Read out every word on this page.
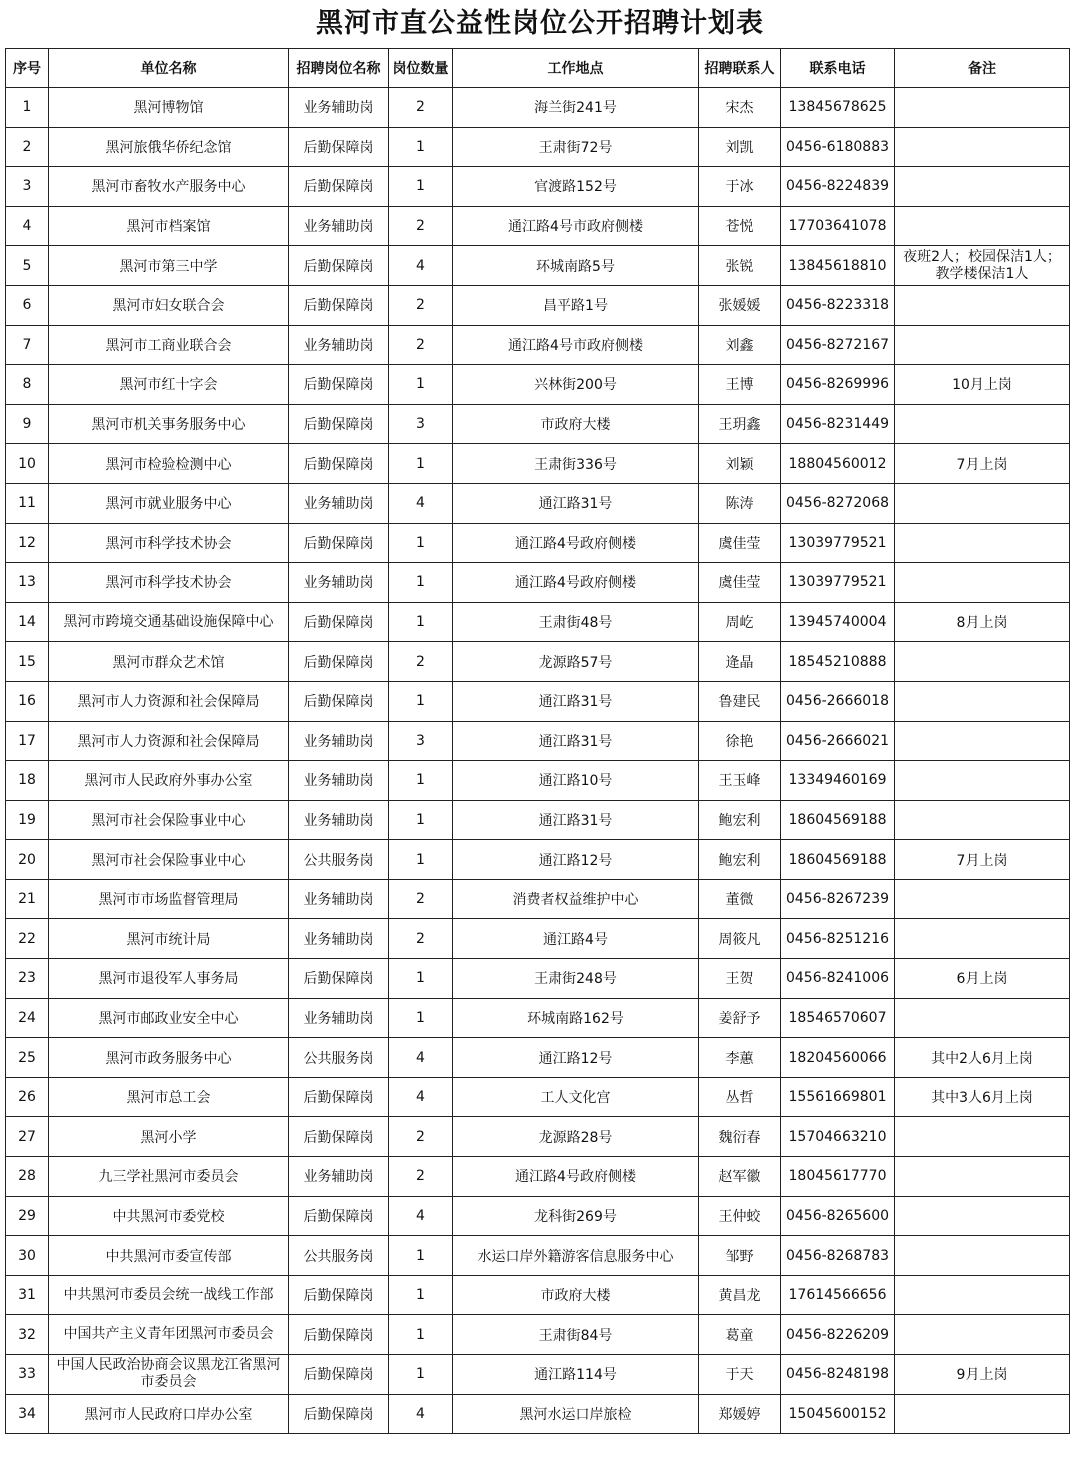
黑河市直公益性岗位公开招聘计划表
序号	单位名称	招聘岗位名称	岗位数量	工作地点	招聘联系人	联系电话	备注
1	黑河博物馆	业务辅助岗	2	海兰街241号	宋杰	13845678625	
2	黑河旅俄华侨纪念馆	后勤保障岗	1	王肃街72号	刘凯	0456-6180883	
3	黑河市畜牧水产服务中心	后勤保障岗	1	官渡路152号	于冰	0456-8224839	
4	黑河市档案馆	业务辅助岗	2	通江路4号市政府侧楼	苍悦	17703641078	
5	黑河市第三中学	后勤保障岗	4	环城南路5号	张锐	13845618810	夜班2人；校园保洁1人；教学楼保洁1人
6	黑河市妇女联合会	后勤保障岗	2	昌平路1号	张媛媛	0456-8223318	
7	黑河市工商业联合会	业务辅助岗	2	通江路4号市政府侧楼	刘鑫	0456-8272167	
8	黑河市红十字会	后勤保障岗	1	兴林街200号	王博	0456-8269996	10月上岗
9	黑河市机关事务服务中心	后勤保障岗	3	市政府大楼	王玥鑫	0456-8231449	
10	黑河市检验检测中心	后勤保障岗	1	王肃街336号	刘颖	18804560012	7月上岗
11	黑河市就业服务中心	业务辅助岗	4	通江路31号	陈涛	0456-8272068	
12	黑河市科学技术协会	后勤保障岗	1	通江路4号政府侧楼	虞佳莹	13039779521	
13	黑河市科学技术协会	业务辅助岗	1	通江路4号政府侧楼	虞佳莹	13039779521	
14	黑河市跨境交通基础设施保障中心	后勤保障岗	1	王肃街48号	周屹	13945740004	8月上岗
15	黑河市群众艺术馆	后勤保障岗	2	龙源路57号	逄晶	18545210888	
16	黑河市人力资源和社会保障局	后勤保障岗	1	通江路31号	鲁建民	0456-2666018	
17	黑河市人力资源和社会保障局	业务辅助岗	3	通江路31号	徐艳	0456-2666021	
18	黑河市人民政府外事办公室	业务辅助岗	1	通江路10号	王玉峰	13349460169	
19	黑河市社会保险事业中心	业务辅助岗	1	通江路31号	鲍宏利	18604569188	
20	黑河市社会保险事业中心	公共服务岗	1	通江路12号	鲍宏利	18604569188	7月上岗
21	黑河市市场监督管理局	业务辅助岗	2	消费者权益维护中心	董微	0456-8267239	
22	黑河市统计局	业务辅助岗	2	通江路4号	周筱凡	0456-8251216	
23	黑河市退役军人事务局	后勤保障岗	1	王肃街248号	王贺	0456-8241006	6月上岗
24	黑河市邮政业安全中心	业务辅助岗	1	环城南路162号	姜舒予	18546570607	
25	黑河市政务服务中心	公共服务岗	4	通江路12号	李蕙	18204560066	其中2人6月上岗
26	黑河市总工会	后勤保障岗	4	工人文化宫	丛哲	15561669801	其中3人6月上岗
27	黑河小学	后勤保障岗	2	龙源路28号	魏衍春	15704663210	
28	九三学社黑河市委员会	业务辅助岗	2	通江路4号政府侧楼	赵军徽	18045617770	
29	中共黑河市委党校	后勤保障岗	4	龙科街269号	王仲蛟	0456-8265600	
30	中共黑河市委宣传部	公共服务岗	1	水运口岸外籍游客信息服务中心	邹野	0456-8268783	
31	中共黑河市委员会统一战线工作部	后勤保障岗	1	市政府大楼	黄昌龙	17614566656	
32	中国共产主义青年团黑河市委员会	后勤保障岗	1	王肃街84号	葛童	0456-8226209	
33	中国人民政治协商会议黑龙江省黑河市委员会	后勤保障岗	1	通江路114号	于天	0456-8248198	9月上岗
34	黑河市人民政府口岸办公室	后勤保障岗	4	黑河水运口岸旅检	郑媛婷	15045600152	
